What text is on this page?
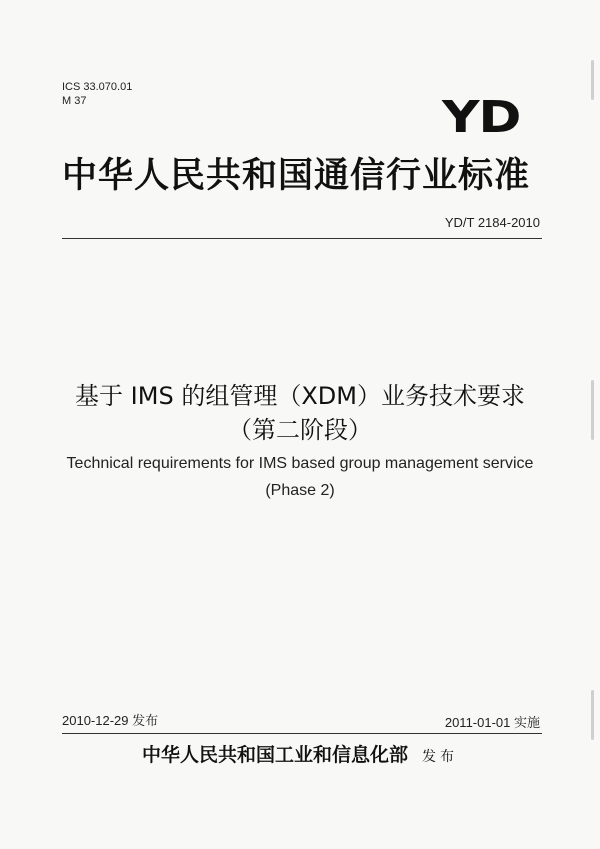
ICS 33.070.01
M 37	YD
中华人民共和国通信行业标准
YD/T 2184-2010
基于 IMS 的组管理（XDM）业务技术要求
（第二阶段）
Technical requirements for IMS based group management service
(Phase 2)
2010-12-29 发布	2011-01-01 实施
中华人民共和国工业和信息化部 发布
